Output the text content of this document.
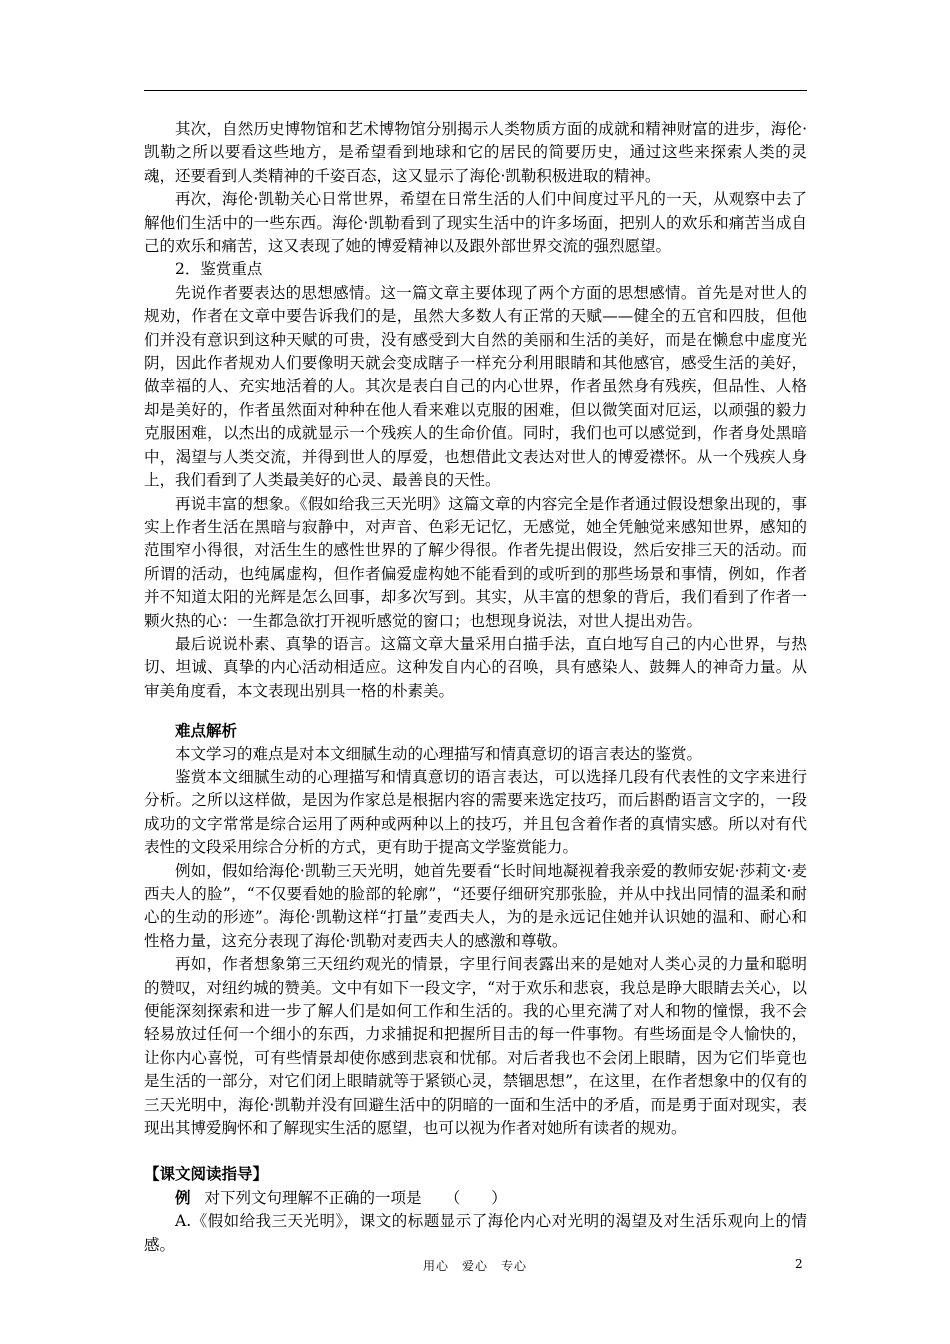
其次，自然历史博物馆和艺术博物馆分别揭示人类物质方面的成就和精神财富的进步，海伦·凯勒之所以要看这些地方，是希望看到地球和它的居民的简要历史，通过这些来探索人类的灵魂，还要看到人类精神的千姿百态，这又显示了海伦·凯勒积极进取的精神。

再次，海伦·凯勒关心日常世界，希望在日常生活的人们中间度过平凡的一天，从观察中去了解他们生活中的一些东西。海伦·凯勒看到了现实生活中的许多场面，把别人的欢乐和痛苦当成自己的欢乐和痛苦，这又表现了她的博爱精神以及跟外部世界交流的强烈愿望。

2．鉴赏重点

先说作者要表达的思想感情。这一篇文章主要体现了两个方面的思想感情。首先是对世人的规劝，作者在文章中要告诉我们的是，虽然大多数人有正常的天赋——健全的五官和四肢，但他们并没有意识到这种天赋的可贵，没有感受到大自然的美丽和生活的美好，而是在懒怠中虚度光阴，因此作者规劝人们要像明天就会变成瞎子一样充分利用眼睛和其他感官，感受生活的美好，做幸福的人、充实地活着的人。其次是表白自己的内心世界，作者虽然身有残疾，但品性、人格却是美好的，作者虽然面对种种在他人看来难以克服的困难，但以微笑面对厄运，以顽强的毅力克服困难，以杰出的成就显示一个残疾人的生命价值。同时，我们也可以感觉到，作者身处黑暗中，渴望与人类交流，并得到世人的厚爱，也想借此文表达对世人的博爱襟怀。从一个残疾人身上，我们看到了人类最美好的心灵、最善良的天性。

再说丰富的想象。《假如给我三天光明》这篇文章的内容完全是作者通过假设想象出现的，事实上作者生活在黑暗与寂静中，对声音、色彩无记忆，无感觉，她全凭触觉来感知世界，感知的范围窄小得很，对活生生的感性世界的了解少得很。作者先提出假设，然后安排三天的活动。而所谓的活动，也纯属虚构，但作者偏爱虚构她不能看到的或听到的那些场景和事情，例如，作者并不知道太阳的光辉是怎么回事，却多次写到。其实，从丰富的想象的背后，我们看到了作者一颗火热的心：一生都急欲打开视听感觉的窗口；也想现身说法，对世人提出劝告。

最后说说朴素、真挚的语言。这篇文章大量采用白描手法，直白地写自己的内心世界，与热切、坦诚、真挚的内心活动相适应。这种发自内心的召唤，具有感染人、鼓舞人的神奇力量。从审美角度看，本文表现出别具一格的朴素美。

难点解析

本文学习的难点是对本文细腻生动的心理描写和情真意切的语言表达的鉴赏。

鉴赏本文细腻生动的心理描写和情真意切的语言表达，可以选择几段有代表性的文字来进行分析。之所以这样做，是因为作家总是根据内容的需要来选定技巧，而后斟酌语言文字的，一段成功的文字常常是综合运用了两种或两种以上的技巧，并且包含着作者的真情实感。所以对有代表性的文段采用综合分析的方式，更有助于提高文学鉴赏能力。

例如，假如给海伦·凯勒三天光明，她首先要看“长时间地凝视着我亲爱的教师安妮·莎莉文·麦西夫人的脸”，“不仅要看她的脸部的轮廓”，“还要仔细研究那张脸，并从中找出同情的温柔和耐心的生动的形迹”。海伦·凯勒这样“打量”麦西夫人，为的是永远记住她并认识她的温和、耐心和性格力量，这充分表现了海伦·凯勒对麦西夫人的感激和尊敬。

再如，作者想象第三天纽约观光的情景，字里行间表露出来的是她对人类心灵的力量和聪明的赞叹，对纽约城的赞美。文中有如下一段文字，“对于欢乐和悲哀，我总是睁大眼睛去关心，以便能深刻探索和进一步了解人们是如何工作和生活的。我的心里充满了对人和物的憧憬，我不会轻易放过任何一个细小的东西，力求捕捉和把握所目击的每一件事物。有些场面是令人愉快的，让你内心喜悦，可有些情景却使你感到悲哀和忧郁。对后者我也不会闭上眼睛，因为它们毕竟也是生活的一部分，对它们闭上眼睛就等于紧锁心灵，禁锢思想”，在这里，在作者想象中的仅有的三天光明中，海伦·凯勒并没有回避生活中的阴暗的一面和生活中的矛盾，而是勇于面对现实，表现出其博爱胸怀和了解现实生活的愿望，也可以视为作者对她所有读者的规劝。

【课文阅读指导】

例 对下列文句理解不正确的一项是　　（　　）

A.《假如给我三天光明》，课文的标题显示了海伦内心对光明的渴望及对生活乐观向上的情感。

用心　爱心　专心	2
